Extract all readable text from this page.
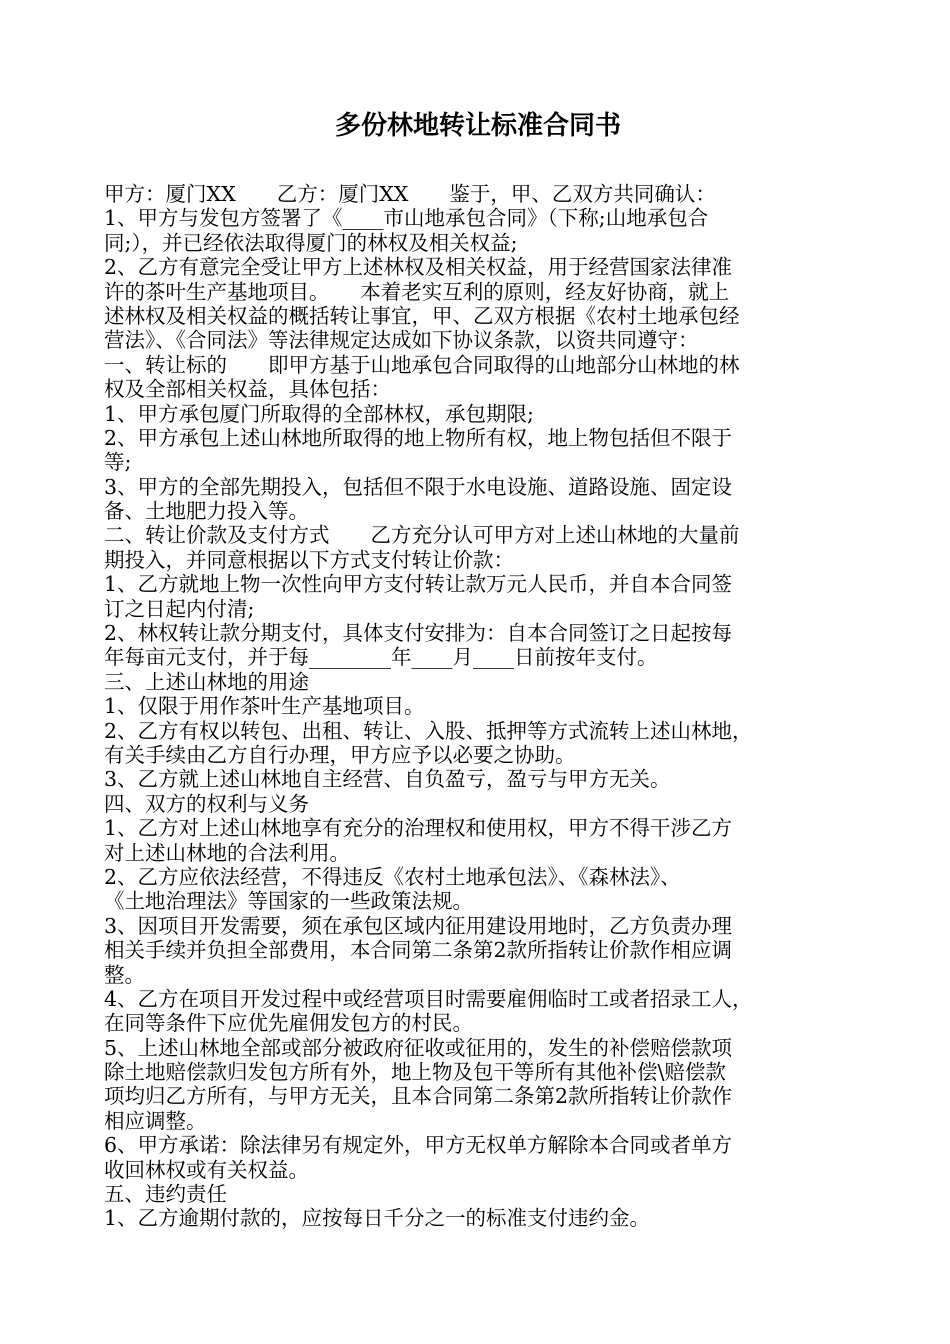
多份林地转让标准合同书
甲方：厦门XX　　乙方：厦门XX　　鉴于，甲、乙双方共同确认：
1、甲方与发包方签署了《____市山地承包合同》（下称;山地承包合
同;），并已经依法取得厦门的林权及相关权益;
2、乙方有意完全受让甲方上述林权及相关权益，用于经营国家法律准
许的茶叶生产基地项目。　　本着老实互利的原则，经友好协商，就上
述林权及相关权益的概括转让事宜，甲、乙双方根据《农村土地承包经
营法》、《合同法》等法律规定达成如下协议条款，以资共同遵守：
一、转让标的　　即甲方基于山地承包合同取得的山地部分山林地的林
权及全部相关权益，具体包括：
1、甲方承包厦门所取得的全部林权，承包期限;
2、甲方承包上述山林地所取得的地上物所有权，地上物包括但不限于
等;
3、甲方的全部先期投入，包括但不限于水电设施、道路设施、固定设
备、土地肥力投入等。
二、转让价款及支付方式　　乙方充分认可甲方对上述山林地的大量前
期投入，并同意根据以下方式支付转让价款：
1、乙方就地上物一次性向甲方支付转让款万元人民币，并自本合同签
订之日起内付清;
2、林权转让款分期支付，具体支付安排为：自本合同签订之日起按每
年每亩元支付，并于每________年____月____日前按年支付。
三、上述山林地的用途
1、仅限于用作茶叶生产基地项目。
2、乙方有权以转包、出租、转让、入股、抵押等方式流转上述山林地，
有关手续由乙方自行办理，甲方应予以必要之协助。
3、乙方就上述山林地自主经营、自负盈亏，盈亏与甲方无关。
四、双方的权利与义务
1、乙方对上述山林地享有充分的治理权和使用权，甲方不得干涉乙方
对上述山林地的合法利用。
2、乙方应依法经营，不得违反《农村土地承包法》、《森林法》、
《土地治理法》等国家的一些政策法规。
3、因项目开发需要，须在承包区域内征用建设用地时，乙方负责办理
相关手续并负担全部费用，本合同第二条第2款所指转让价款作相应调
整。
4、乙方在项目开发过程中或经营项目时需要雇佣临时工或者招录工人，
在同等条件下应优先雇佣发包方的村民。
5、上述山林地全部或部分被政府征收或征用的，发生的补偿赔偿款项
除土地赔偿款归发包方所有外，地上物及包干等所有其他补偿\赔偿款
项均归乙方所有，与甲方无关，且本合同第二条第2款所指转让价款作
相应调整。
6、甲方承诺：除法律另有规定外，甲方无权单方解除本合同或者单方
收回林权或有关权益。
五、违约责任
1、乙方逾期付款的，应按每日千分之一的标准支付违约金。
